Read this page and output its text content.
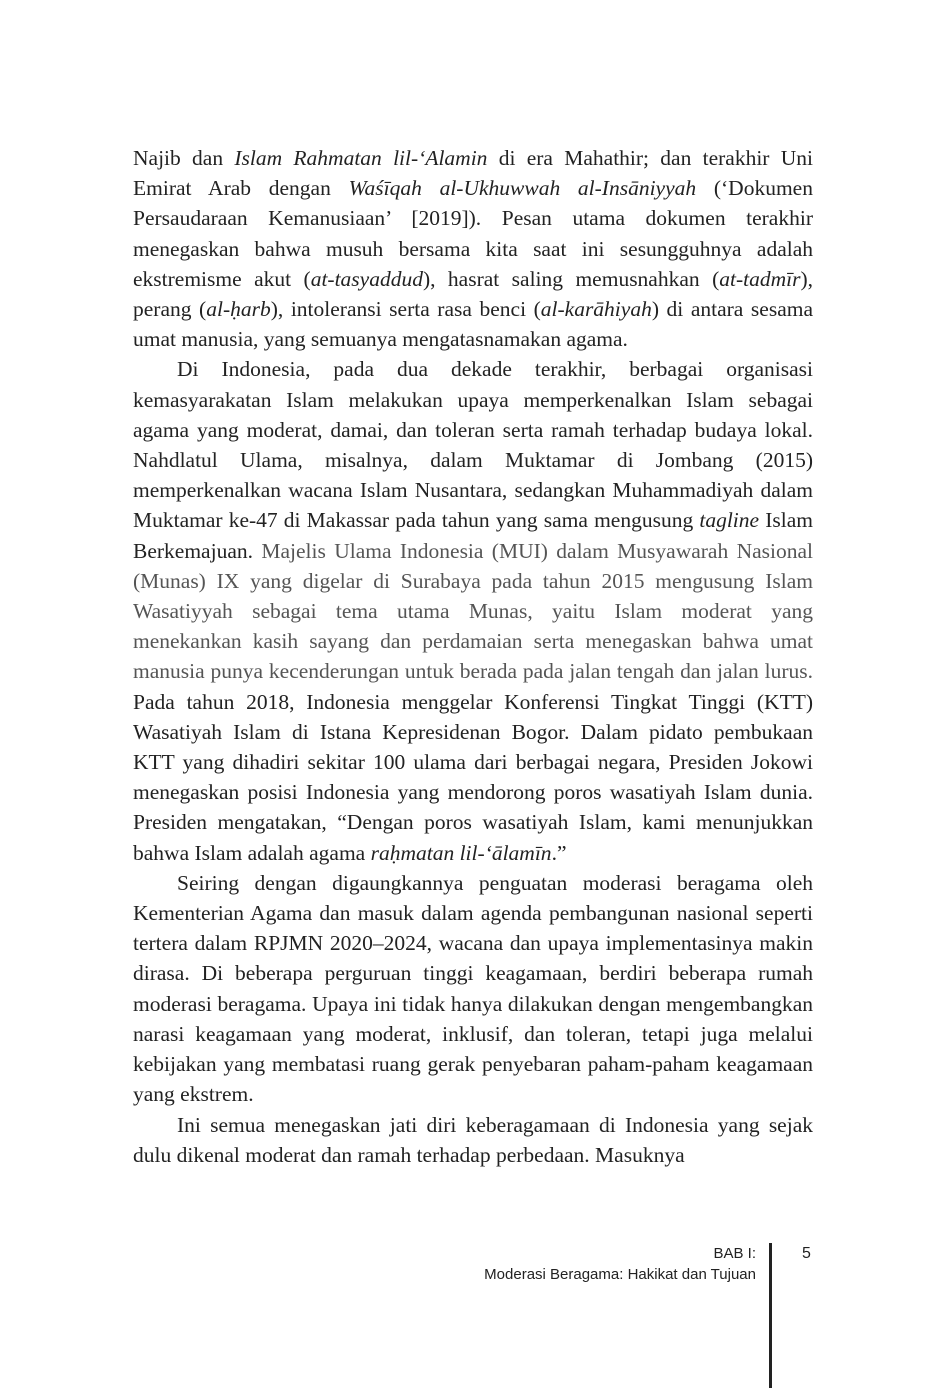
Najib dan Islam Rahmatan lil-‘Alamin di era Mahathir; dan terakhir Uni Emirat Arab dengan Waśīqah al-Ukhuwwah al-Insāniyyah (‘Dokumen Persaudaraan Kemanusiaan’ [2019]). Pesan utama dokumen terakhir menegaskan bahwa musuh bersama kita saat ini sesungguhnya adalah ekstremisme akut (at-tasyaddud), hasrat saling memusnahkan (at-tadmīr), perang (al-ḥarb), intoleransi serta rasa benci (al-karāhiyah) di antara sesama umat manusia, yang semuanya mengatasnamakan agama.

Di Indonesia, pada dua dekade terakhir, berbagai organisasi kemasyarakatan Islam melakukan upaya memperkenalkan Islam sebagai agama yang moderat, damai, dan toleran serta ramah terhadap budaya lokal. Nahdlatul Ulama, misalnya, dalam Muktamar di Jombang (2015) memperkenalkan wacana Islam Nusantara, sedangkan Muhammadiyah dalam Muktamar ke-47 di Makassar pada tahun yang sama mengusung tagline Islam Berkemajuan. Majelis Ulama Indonesia (MUI) dalam Musyawarah Nasional (Munas) IX yang digelar di Surabaya pada tahun 2015 mengusung Islam Wasatiyyah sebagai tema utama Munas, yaitu Islam moderat yang menekankan kasih sayang dan perdamaian serta menegaskan bahwa umat manusia punya kecenderungan untuk berada pada jalan tengah dan jalan lurus. Pada tahun 2018, Indonesia menggelar Konferensi Tingkat Tinggi (KTT) Wasatiyah Islam di Istana Kepresidenan Bogor. Dalam pidato pembukaan KTT yang dihadiri sekitar 100 ulama dari berbagai negara, Presiden Jokowi menegaskan posisi Indonesia yang mendorong poros wasatiyah Islam dunia. Presiden mengatakan, “Dengan poros wasatiyah Islam, kami menunjukkan bahwa Islam adalah agama raḥmatan lil-‘ālamīn.”

Seiring dengan digaungkannya penguatan moderasi beragama oleh Kementerian Agama dan masuk dalam agenda pembangunan nasional seperti tertera dalam RPJMN 2020–2024, wacana dan upaya implementasinya makin dirasa. Di beberapa perguruan tinggi keagamaan, berdiri beberapa rumah moderasi beragama. Upaya ini tidak hanya dilakukan dengan mengembangkan narasi keagamaan yang moderat, inklusif, dan toleran, tetapi juga melalui kebijakan yang membatasi ruang gerak penyebaran paham-paham keagamaan yang ekstrem.

Ini semua menegaskan jati diri keberagamaan di Indonesia yang sejak dulu dikenal moderat dan ramah terhadap perbedaan. Masuknya

BAB I:
Moderasi Beragama: Hakikat dan Tujuan
5
